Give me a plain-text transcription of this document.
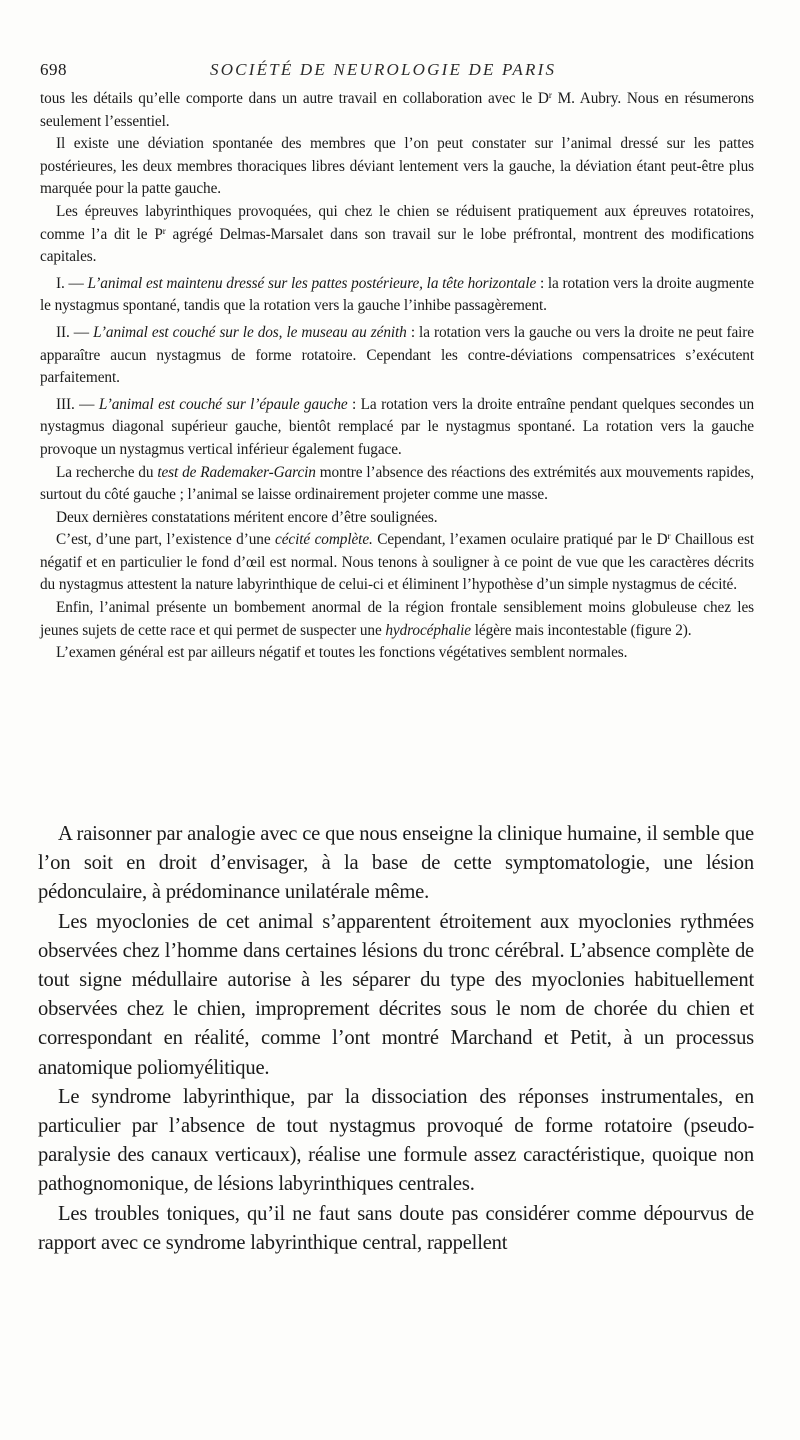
698	SOCIÉTÉ DE NEUROLOGIE DE PARIS

tous les détails qu’elle comporte dans un autre travail en collaboration avec le $D^r$ M. Aubry. Nous en résumerons seulement l’essentiel.

Il existe une déviation spontanée des membres que l’on peut constater sur l’animal dressé sur les pattes postérieures, les deux membres thoraciques libres déviant lentement vers la gauche, la déviation étant peut-être plus marquée pour la patte gauche.

Les épreuves labyrinthiques provoquées, qui chez le chien se réduisent pratiquement aux épreuves rotatoires, comme l’a dit le $P^r$ agrégé Delmas-Marsalet dans son travail sur le lobe préfrontal, montrent des modifications capitales.

I. — L’animal est maintenu dressé sur les pattes postérieure, la tête horizontale : la rotation vers la droite augmente le nystagmus spontané, tandis que la rotation vers la gauche l’inhibe passagèrement.

II. — L’animal est couché sur le dos, le museau au zénith : la rotation vers la gauche ou vers la droite ne peut faire apparaître aucun nystagmus de forme rotatoire. Cependant les contre-déviations compensatrices s’exécutent parfaitement.

III. — L’animal est couché sur l’épaule gauche : La rotation vers la droite entraîne pendant quelques secondes un nystagmus diagonal supérieur gauche, bientôt remplacé par le nystagmus spontané. La rotation vers la gauche provoque un nystagmus vertical inférieur également fugace.

La recherche du test de Rademaker-Garcin montre l’absence des réactions des extrémités aux mouvements rapides, surtout du côté gauche ; l’animal se laisse ordinairement projeter comme une masse.

Deux dernières constatations méritent encore d’être soulignées.

C’est, d’une part, l’existence d’une cécité complète. Cependant, l’examen oculaire pratiqué par le $D^r$ Chaillous est négatif et en particulier le fond d’œil est normal. Nous tenons à souligner à ce point de vue que les caractères décrits du nystagmus attestent la nature labyrinthique de celui-ci et éliminent l’hypothèse d’un simple nystagmus de cécité.

Enfin, l’animal présente un bombement anormal de la région frontale sensiblement moins globuleuse chez les jeunes sujets de cette race et qui permet de suspecter une hydrocéphalie légère mais incontestable (figure 2).

L’examen général est par ailleurs négatif et toutes les fonctions végétatives semblent normales.

A raisonner par analogie avec ce que nous enseigne la clinique humaine, il semble que l’on soit en droit d’envisager, à la base de cette symptomatologie, une lésion pédonculaire, à prédominance unilatérale même.

Les myoclonies de cet animal s’apparentent étroitement aux myoclonies rythmées observées chez l’homme dans certaines lésions du tronc cérébral. L’absence complète de tout signe médullaire autorise à les séparer du type des myoclonies habituellement observées chez le chien, improprement décrites sous le nom de chorée du chien et correspondant en réalité, comme l’ont montré Marchand et Petit, à un processus anatomique poliomyélitique.

Le syndrome labyrinthique, par la dissociation des réponses instrumentales, en particulier par l’absence de tout nystagmus provoqué de forme rotatoire (pseudo-paralysie des canaux verticaux), réalise une formule assez caractéristique, quoique non pathognomonique, de lésions labyrinthiques centrales.

Les troubles toniques, qu’il ne faut sans doute pas considérer comme dépourvus de rapport avec ce syndrome labyrinthique central, rappellent
